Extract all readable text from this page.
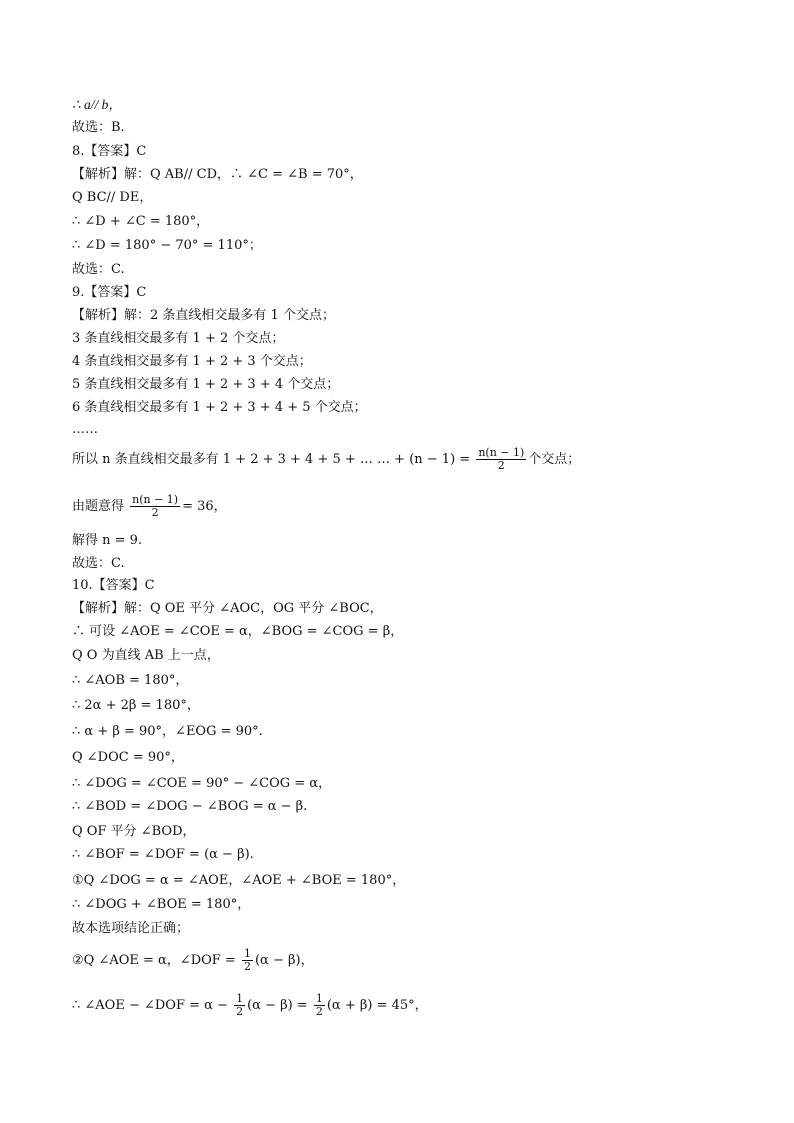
∴ a// b，
故选：B.
8.【答案】C
【解析】解：Q AB// CD，∴ ∠C = ∠B = 70°，
Q BC// DE，
∴ ∠D + ∠C = 180°，
∴ ∠D = 180° − 70° = 110°；
故选：C.
9.【答案】C
【解析】解：2 条直线相交最多有 1 个交点；
3 条直线相交最多有 1 + 2 个交点；
4 条直线相交最多有 1 + 2 + 3 个交点；
5 条直线相交最多有 1 + 2 + 3 + 4 个交点；
6 条直线相交最多有 1 + 2 + 3 + 4 + 5 个交点；
……
所以 n 条直线相交最多有 1 + 2 + 3 + 4 + 5 + … … + $(n - 1) = \frac{n(n - 1)}{2}$ 个交点；
由题意得 $\frac{n(n - 1)}{2} = 36$，
解得 n = 9.
故选：C.
10.【答案】C
【解析】解：Q OE 平分 ∠AOC，OG 平分 ∠BOC，
∴ 可设 ∠AOE = ∠COE = α，∠BOG = ∠COG = β，
Q O 为直线 AB 上一点，
∴ ∠AOB = 180°，
∴ 2α + 2β = 180°，
∴ α + β = 90°，∠EOG = 90°.
Q ∠DOC = 90°，
∴ ∠DOG = ∠COE = 90° − ∠COG = α，
∴ ∠BOD = ∠DOG − ∠BOG = α − β.
Q OF 平分 ∠BOD，
∴ ∠BOF = ∠DOF = (α − β).
①Q ∠DOG = α = ∠AOE，∠AOE + ∠BOE = 180°，
∴ ∠DOG + ∠BOE = 180°，
故本选项结论正确；
②Q ∠AOE = α，∠DOF = $\frac{1}{2} (\alpha - \beta)$，
∴ ∠AOE − ∠DOF = $\alpha - \frac{1}{2} (\alpha - \beta) = \frac{1}{2} (\alpha + \beta) = 45^\circ$，
